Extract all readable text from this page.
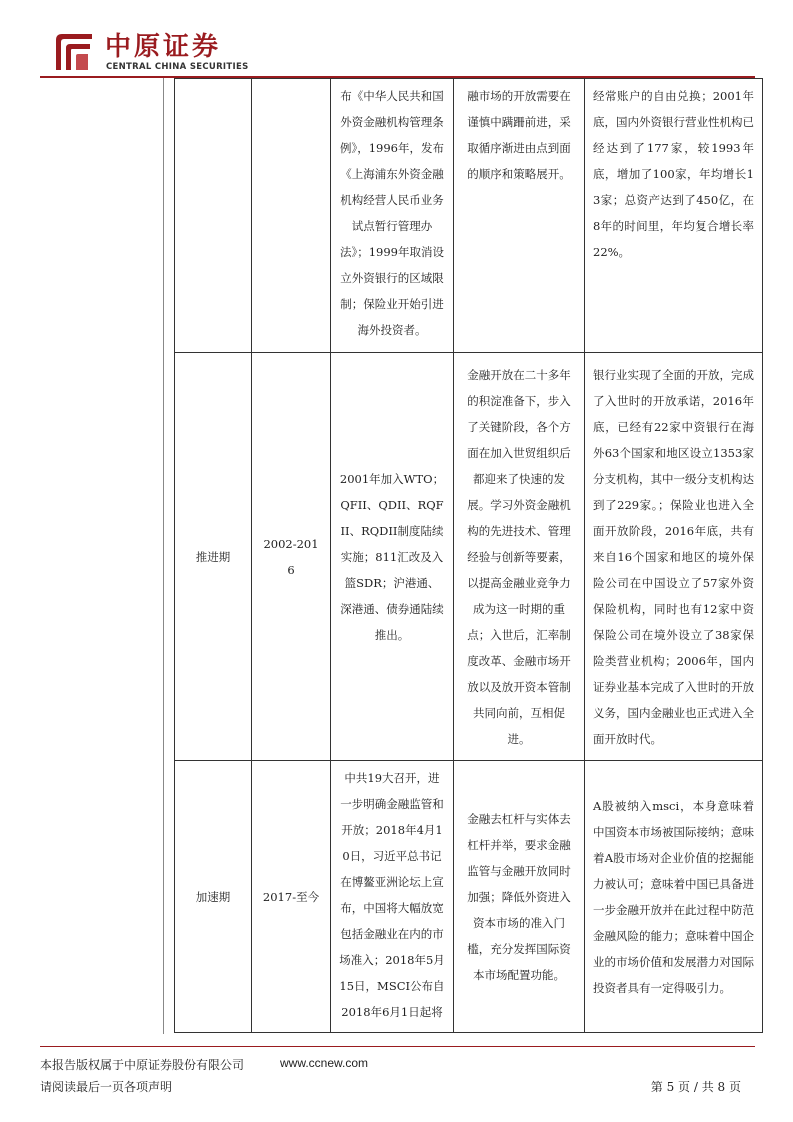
中原证券
CENTRAL CHINA SECURITIES

		布《中华人民共和国外资金融机构管理条例》，1996年，发布《上海浦东外资金融机构经营人民币业务试点暂行管理办法》；1999年取消设立外资银行的区域限制；保险业开始引进海外投资者。	融市场的开放需要在谨慎中蹒跚前进，采取循序渐进由点到面的顺序和策略展开。	经常账户的自由兑换；2001年底，国内外资银行营业性机构已经达到了177家，较1993年底，增加了100家，年均增长13家；总资产达到了450亿，在8年的时间里，年均复合增长率22%。

推进期	2002-2016	2001年加入WTO；QFII、QDII、RQFII、RQDII制度陆续实施；811汇改及入篮SDR；沪港通、深港通、债券通陆续推出。	金融开放在二十多年的积淀准备下，步入了关键阶段，各个方面在加入世贸组织后都迎来了快速的发展。学习外资金融机构的先进技术、管理经验与创新等要素，以提高金融业竞争力成为这一时期的重点；入世后，汇率制度改革、金融市场开放以及放开资本管制共同向前，互相促进。	银行业实现了全面的开放，完成了入世时的开放承诺，2016年底，已经有22家中资银行在海外63个国家和地区设立1353家分支机构，其中一级分支机构达到了229家。；保险业也进入全面开放阶段，2016年底，共有来自16个国家和地区的境外保险公司在中国设立了57家外资保险机构，同时也有12家中资保险公司在境外设立了38家保险类营业机构；2006年，国内证券业基本完成了入世时的开放义务，国内金融业也正式进入全面开放时代。

加速期	2017-至今	中共19大召开，进一步明确金融监管和开放；2018年4月10日，习近平总书记在博鳌亚洲论坛上宣布，中国将大幅放宽包括金融业在内的市场准入；2018年5月15日，MSCI公布自2018年6月1日起将	金融去杠杆与实体去杠杆并举，要求金融监管与金融开放同时加强；降低外资进入资本市场的准入门槛，充分发挥国际资本市场配置功能。	A股被纳入msci，本身意味着中国资本市场被国际接纳；意味着A股市场对企业价值的挖掘能力被认可；意味着中国已具备进一步金融开放并在此过程中防范金融风险的能力；意味着中国企业的市场价值和发展潜力对国际投资者具有一定得吸引力。
本报告版权属于中原证券股份有限公司	www.ccnew.com
请阅读最后一页各项声明	第 5 页 / 共 8 页
